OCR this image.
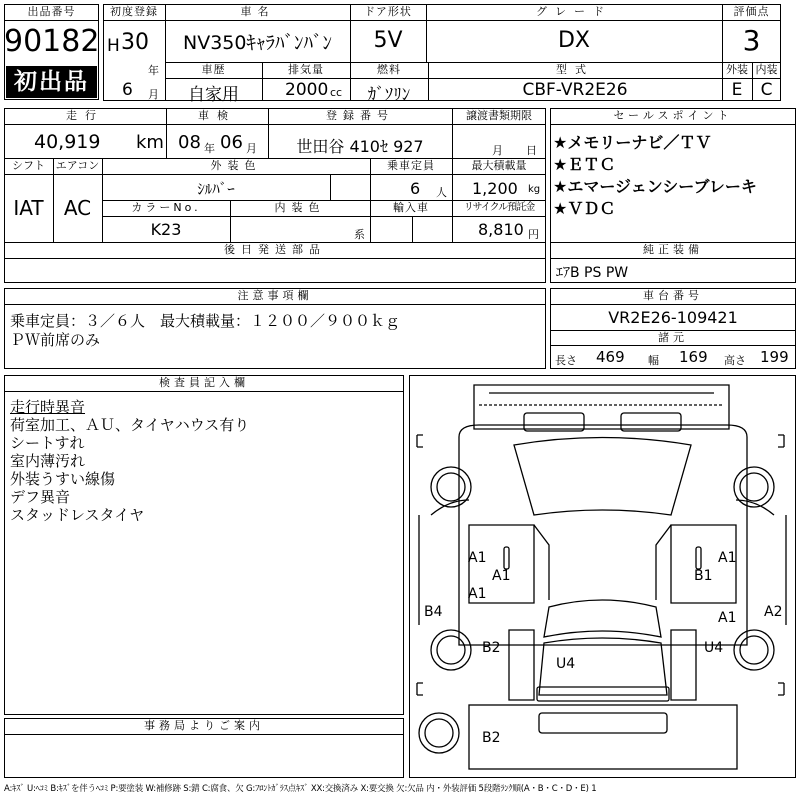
出品番号
90182
初出品
初度登録
H 30
年
6 月
車名
NV350ｷｬﾗﾊﾞﾝﾊﾞﾝ
ドア形状
5V
グレード
DX
評価点
3
車歴
自家用
排気量
2000 cc
燃料
ｶﾞｿﾘﾝ
型式
CBF-VR2E26
外装
E
内装
C
走行
40,919 km
車検
08 年 06 月
登録番号
世田谷 410ｾ 927
譲渡書類期限
月 日
シフト
IAT
エアコン
AC
外装色
ｼﾙﾊﾞｰ
乗車定員
6 人
最大積載量
1,200 kg
カラーNo.
K23
内装色
系
輸入車	リサイクル預託金
8,810 円
後日発送部品
セールスポイント
★メモリーナビ／ＴＶ
★ＥＴＣ
★エマージェンシーブレーキ
★ＶＤＣ
純正装備
ｴｱB PS PW
注意事項欄
乗車定員：３／６人　最大積載量：１２００／９００ｋｇ
ＰＷ前席のみ
車台番号
VR2E26-109421
諸元
長さ 469 幅 169 高さ 199
検査員記入欄
走行時異音
荷室加工、ＡＵ、タイヤハウス有り
シートすれ
室内薄汚れ
外装うすい線傷
デフ異音
スタッドレスタイヤ
事務局よりご案内
A1
A1
A1
B1
A1
A1
B4
B2
A2
B2
U4
U4
A:ｷｽﾞ U:ﾍｺﾐ B:ｷｽﾞを伴うﾍｺﾐ P:要塗装 W:補修跡 S:錆 C:腐食、欠 G:ﾌﾛﾝﾄｶﾞﾗｽ点ｷｽﾞ XX:交換済み X:要交換 欠:欠品 内・外装評価 5段階ﾗﾝｸ順(A・B・C・D・E) 1
